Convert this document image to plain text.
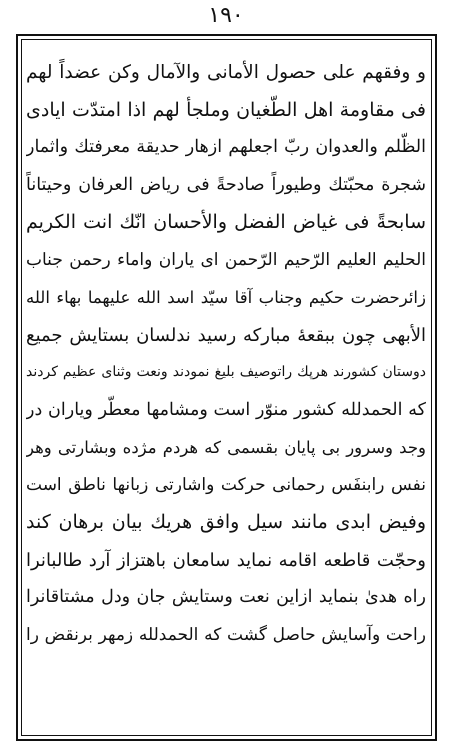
١٩٠
و وفقهم علی حصول الأمانی والآمال وكن عضداً لهم
فی مقاومة اهل الطّغيان وملجأ لهم اذا امتدّت ایادی
الظّلم والعدوان ربّ اجعلهم ازهار حديقة معرفتك واثمار
شجرة محبّتك وطيوراً صادحةً فی رياض العرفان وحيتاناً
سابحةً فی غياض الفضل والأحسان انّك انت الكريم
الحليم العليم الرّحيم الرّحمن ای یاران واماء رحمن جناب
زائرحضرت حكيم وجناب آقا سيّد اسد الله عليهما بهاء الله
الأبهی چون ببقعهٔ مباركه رسيد ندلسان بستايش جميع
دوستان کشورند هرپك راتوصيف بليغ نمودند ونعت وثنای عظيم كردند
كه الحمدلله كشور منوّر است ومشامها معطّر ویاران در
وجد وسرور بی پایان بقسمی كه هردم مژده وبشارتی وهر
نفس رابنفَس رحمانی حركت واشارتی زبانها ناطق است
وفيض ابدی مانند سيل وافق هريك بيان برهان كند
وحجّت قاطعه اقامه نمايد سامعان باهتزاز آرد طالبانرا
راه هدیٰ بنمايد ازاين نعت وستايش جان ودل مشتاقانرا
راحت وآسايش حاصل گشت كه الحمدلله زمهر برنقض را
